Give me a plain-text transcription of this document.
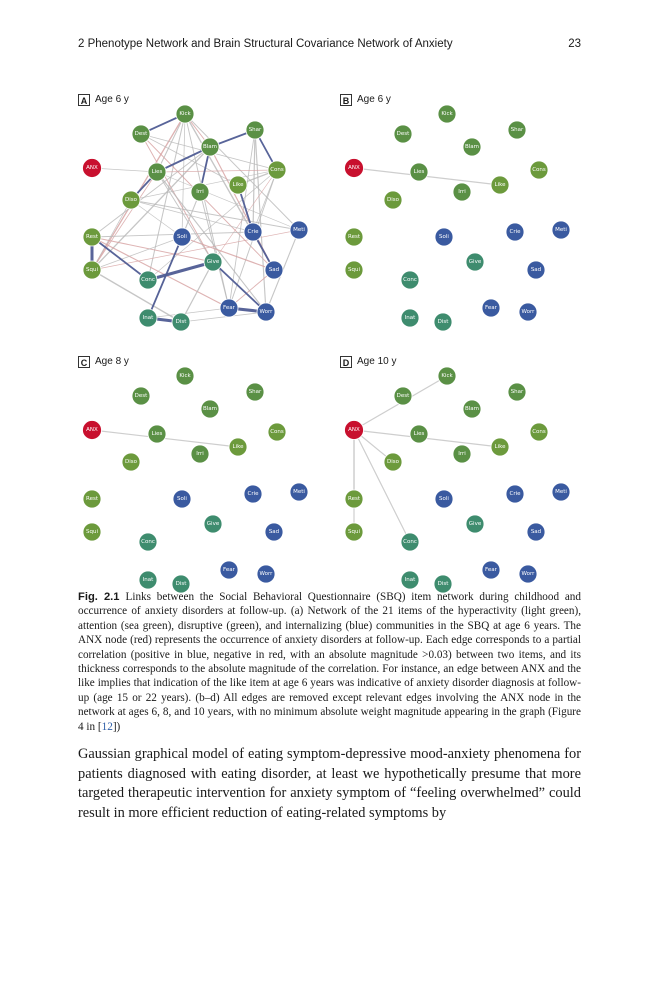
2 Phenotype Network and Brain Structural Covariance Network of Anxiety	23
A Age 6 y
Kick
Dest
Shar
Blam
Cons
ANX
Lies
Like
Irri
Diso
Rest	Soli
Crie	Meti
Squi
Give
Sad
Conc
Inat
Dist
Fear
Worr
B Age 6 y
Kick
Dest
Shar
Blam
Cons
ANX
Lies
Like
Irri
Diso
Rest	Soli
Crie	Meti
Squi
Give
Sad
Conc
Inat
Dist
Fear
Worr
C Age 8 y
Kick
Dest
Shar
Blam
Cons
ANX
Lies
Like
Irri
Diso
Rest	Soli
Crie	Meti
Squi
Give
Sad
Conc
Inat
Dist
Fear
Worr
D Age 10 y
Kick
Dest
Shar
Blam
Cons
ANX
Lies
Like
Irri
Diso
Rest	Soli
Crie	Meti
Squi
Give
Sad
Conc
Inat
Dist
Fear
Worr
Fig. 2.1 Links between the Social Behavioral Questionnaire (SBQ) item network during childhood and occurrence of anxiety disorders at follow-up. (a) Network of the 21 items of the hyperactivity (light green), attention (sea green), disruptive (green), and internalizing (blue) communities in the SBQ at age 6 years. The ANX node (red) represents the occurrence of anxiety disorders at follow-up. Each edge corresponds to a partial correlation (positive in blue, negative in red, with an absolute magnitude >0.03) between two items, and its thickness corresponds to the absolute magnitude of the correlation. For instance, an edge between ANX and the like implies that indication of the like item at age 6 years was indicative of anxiety disorder diagnosis at follow-up (age 15 or 22 years). (b–d) All edges are removed except relevant edges involving the ANX node in the network at ages 6, 8, and 10 years, with no minimum absolute weight magnitude appearing in the graph (Figure 4 in [12])
Gaussian graphical model of eating symptom-depressive mood-anxiety phenomena for patients diagnosed with eating disorder, at least we hypothetically presume that more targeted therapeutic intervention for anxiety symptom of “feeling overwhelmed” could result in more efficient reduction of eating-related symptoms by
